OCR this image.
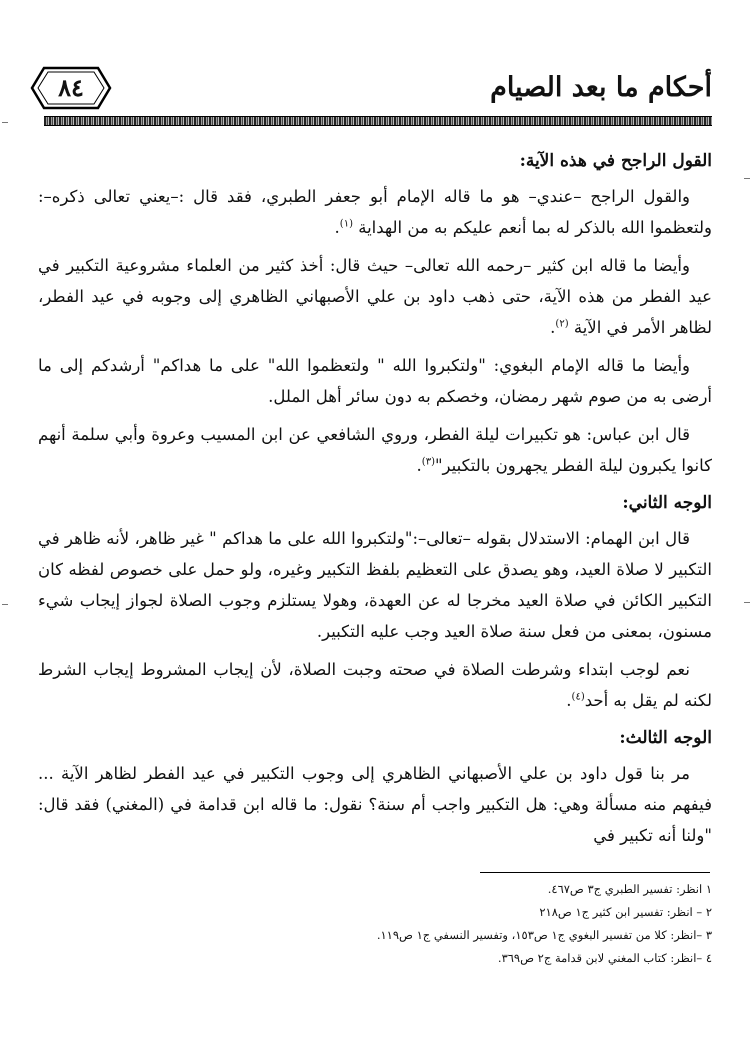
٨٤	أحكام ما بعد الصيام
القول الراجح في هذه الآية:

والقول الراجح –عندي– هو ما قاله الإمام أبو جعفر الطبري، فقد قال :–يعني تعالى ذكره–: ولتعظموا الله بالذكر له بما أنعم عليكم به من الهداية $^{(١)}$.

وأيضا ما قاله ابن كثير –رحمه الله تعالى– حيث قال: أخذ كثير من العلماء مشروعية التكبير في عيد الفطر من هذه الآية، حتى ذهب داود بن علي الأصبهاني الظاهري إلى وجوبه في عيد الفطر، لظاهر الأمر في الآية $^{(٢)}$.

وأيضا ما قاله الإمام البغوي: "ولتكبروا الله " ولتعظموا الله" على ما هداكم" أرشدكم إلى ما أرضى به من صوم شهر رمضان، وخصكم به دون سائر أهل الملل.

قال ابن عباس: هو تكبيرات ليلة الفطر، وروي الشافعي عن ابن المسيب وعروة وأبي سلمة أنهم كانوا يكبرون ليلة الفطر يجهرون بالتكبير"$^{(٣)}$.

الوجه الثاني:

قال ابن الهمام: الاستدلال بقوله –تعالى–:"ولتكبروا الله على ما هداكم " غير ظاهر، لأنه ظاهر في التكبير لا صلاة العيد، وهو يصدق على التعظيم بلفظ التكبير وغيره، ولو حمل على خصوص لفظه كان التكبير الكائن في صلاة العيد مخرجا له عن العهدة، وهولا يستلزم وجوب الصلاة لجواز إيجاب شيء مسنون، بمعنى من فعل سنة صلاة العيد وجب عليه التكبير.

نعم لوجب ابتداء وشرطت الصلاة في صحته وجبت الصلاة، لأن إيجاب المشروط إيجاب الشرط لكنه لم يقل به أحد$^{(٤)}$.

الوجه الثالث:

مر بنا قول داود بن علي الأصبهاني الظاهري إلى وجوب التكبير في عيد الفطر لظاهر الآية ... فيفهم منه مسألة وهي: هل التكبير واجب أم سنة؟ نقول: ما قاله ابن قدامة في (المغني) فقد قال: "ولنا أنه تكبير في

١ انظر: تفسير الطبري ج٣ ص٤٦٧.
٢ – انظر: تفسير ابن كثير ج١ ص٢١٨
٣ –انظر: كلا من تفسير البغوي ج١ ص١٥٣، وتفسير النسفي ج١ ص١١٩.
٤ –انظر: كتاب المغني لابن قدامة ج٢ ص٣٦٩.
